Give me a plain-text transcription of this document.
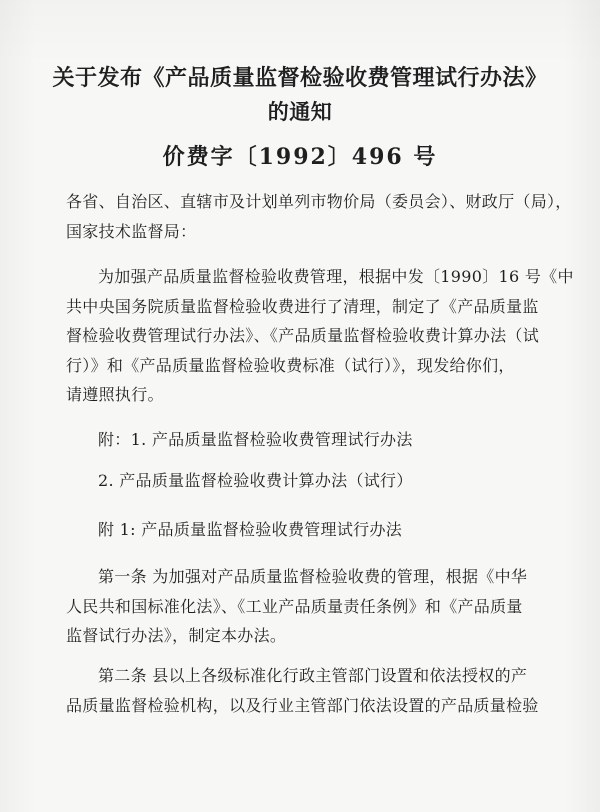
关于发布《产品质量监督检验收费管理试行办法》
的通知
价费字〔1992〕496 号
各省、自治区、直辖市及计划单列市物价局（委员会）、财政厅（局），
国家技术监督局：
为加强产品质量监督检验收费管理，根据中发〔1990〕16 号《中
共中央国务院质量监督检验收费进行了清理，制定了《产品质量监
督检验收费管理试行办法》、《产品质量监督检验收费计算办法（试
行）》和《产品质量监督检验收费标准（试行）》，现发给你们，
请遵照执行。
附：1. 产品质量监督检验收费管理试行办法
2. 产品质量监督检验收费计算办法（试行）
附 1: 产品质量监督检验收费管理试行办法
第一条 为加强对产品质量监督检验收费的管理，根据《中华
人民共和国标准化法》、《工业产品质量责任条例》和《产品质量
监督试行办法》，制定本办法。
第二条 县以上各级标准化行政主管部门设置和依法授权的产
品质量监督检验机构，以及行业主管部门依法设置的产品质量检验
